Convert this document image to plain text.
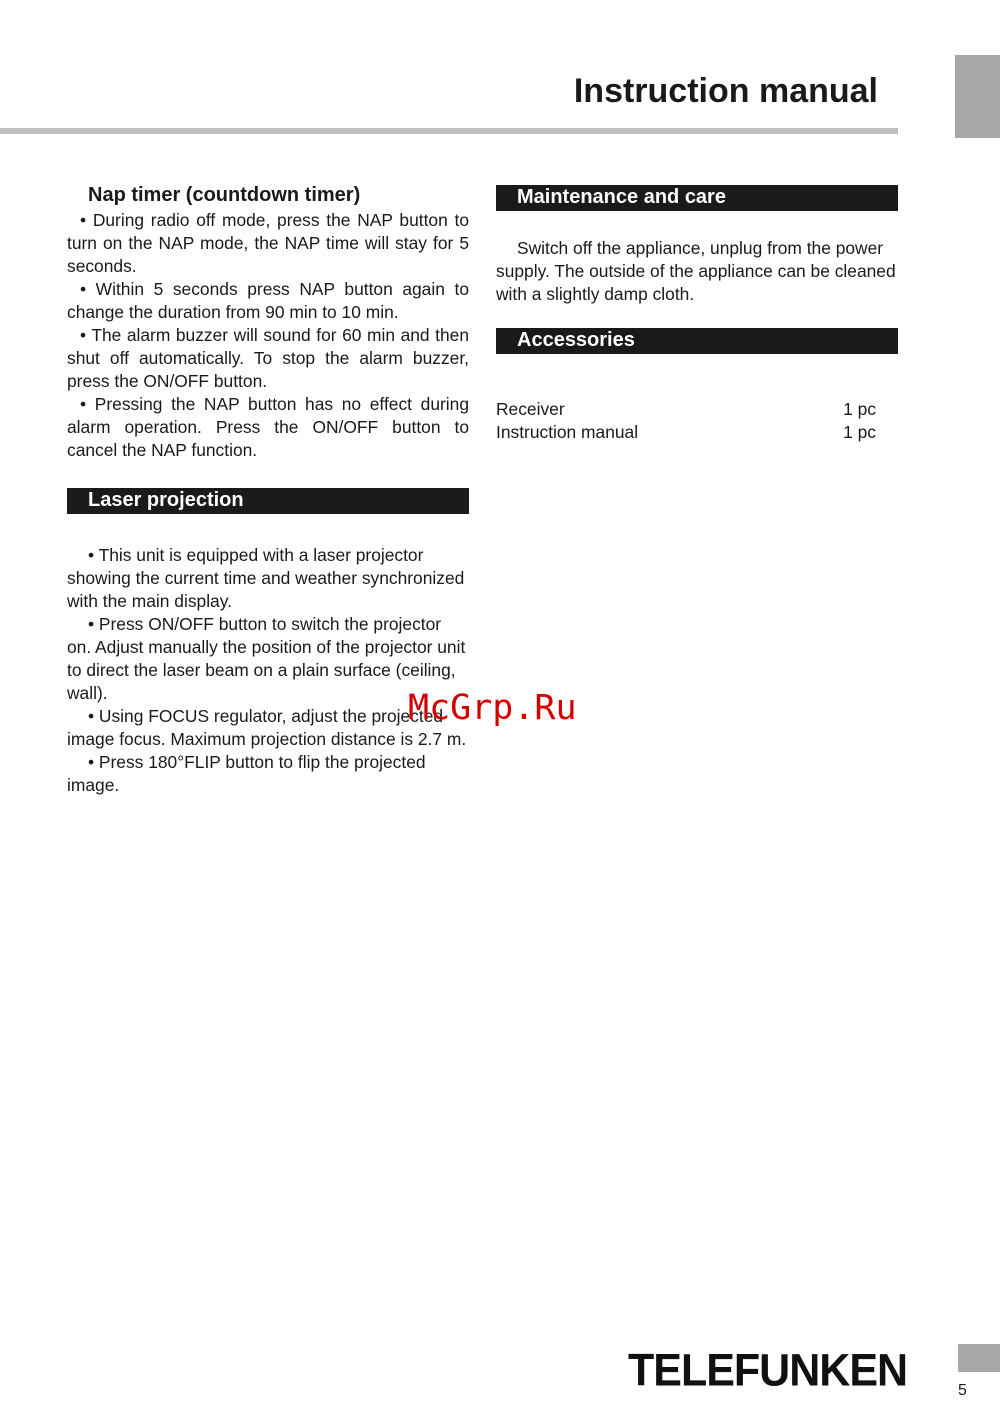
Instruction manual
Nap timer (countdown timer)

• During radio off mode, press the NAP button to turn on the NAP mode, the NAP time will stay for 5 seconds.

• Within 5 seconds press NAP button again to change the duration from 90 min to 10 min.

• The alarm buzzer will sound for 60 min and then shut off automatically. To stop the alarm buzzer, press the ON/OFF button.

• Pressing the NAP button has no effect during alarm operation. Press the ON/OFF button to cancel the NAP function.

Laser projection

• This unit is equipped with a laser projector showing the current time and weather synchronized with the main display.

• Press ON/OFF button to switch the projector on. Adjust manually the position of the projector unit to direct the laser beam on a plain surface (ceiling, wall).

• Using FOCUS regulator, adjust the projected image focus. Maximum projection distance is 2.7 m.

• Press 180°FLIP button to flip the projected image.

Maintenance and care

Switch off the appliance, unplug from the power supply. The outside of the appliance can be cleaned with a slightly damp cloth.

Accessories
Receiver	1 pc
Instruction manual	1 pc
McGrp.Ru
TELEFUNKEN	5
